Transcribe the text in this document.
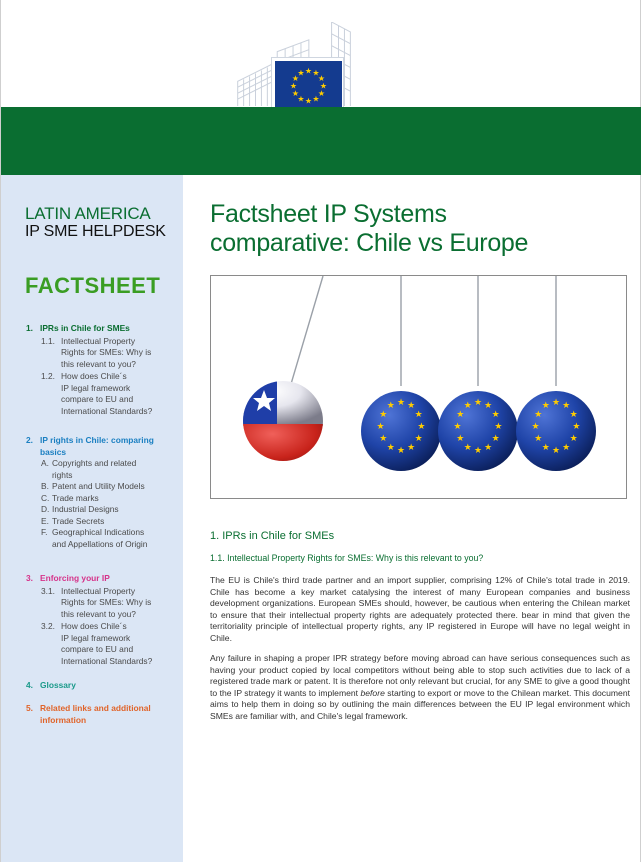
★ ★
★
★
★
★
★
★
★
★
★
★
LATIN AMERICA
IP SME HELPDESK
FACTSHEET
1. IPRs in Chile for SMEs
1.1. Intellectual Property
Rights for SMEs: Why is
this relevant to you?
1.2. How does Chile´s
IP legal framework
compare to EU and
International Standards?
2. IP rights in Chile: comparing
basics
A. Copyrights and related
rights
B. Patent and Utility Models
C. Trade marks
D. Industrial Designs
E. Trade Secrets
F. Geographical Indications
and Appellations of Origin
3. Enforcing your IP
3.1. Intellectual Property
Rights for SMEs: Why is
this relevant to you?
3.2. How does Chile´s
IP legal framework
compare to EU and
International Standards?
4. Glossary
5. Related links and additional
information
Factsheet IP Systems
comparative: Chile vs Europe
★ ★
★
★
★
★
★
★
★
★
★
★	★ ★
★
★
★
★
★
★
★
★
★
★	★ ★
★
★
★
★
★
★
★
★
★
★
1. IPRs in Chile for SMEs
1.1. Intellectual Property Rights for SMEs: Why is this relevant to you?

The EU is Chile's third trade partner and an import supplier, comprising 12% of Chile's total trade in 2019. Chile has become a key market catalysing the interest of many European companies and business development organizations. European SMEs should, however, be cautious when entering the Chilean market to ensure that their intellectual property rights are adequately protected there. bear in mind that given the territoriality principle of intellectual property rights, any IP registered in Europe will have no legal weight in Chile.

Any failure in shaping a proper IPR strategy before moving abroad can have serious consequences such as having your product copied by local competitors without being able to stop such activities due to lack of a registered trade mark or patent. It is therefore not only relevant but crucial, for any SME to give a good thought to the IP strategy it wants to implement before starting to export or move to the Chilean market. This document aims to help them in doing so by outlining the main differences between the EU IP legal environment which SMEs are familiar with, and Chile's legal framework.
